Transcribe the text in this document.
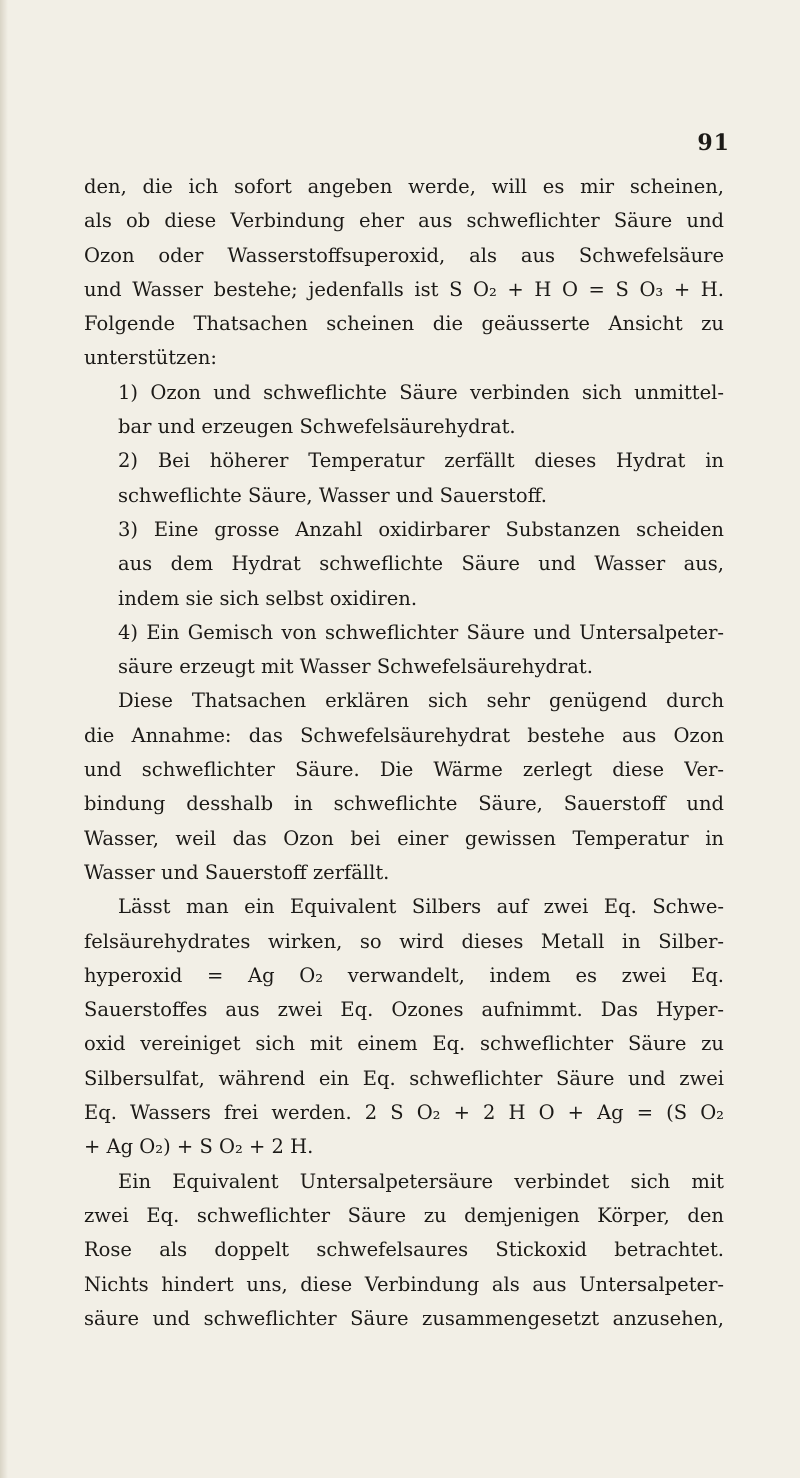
91
den, die ich sofort angeben werde, will es mir scheinen,
als ob diese Verbindung eher aus schweflichter Säure und
Ozon oder Wasserstoffsuperoxid, als aus Schwefelsäure
und Wasser bestehe; jedenfalls ist S O₂ + H O = S O₃ + H.
Folgende Thatsachen scheinen die geäusserte Ansicht zu
unterstützen:
1) Ozon und schweflichte Säure verbinden sich unmittel-
bar und erzeugen Schwefelsäurehydrat.
2) Bei höherer Temperatur zerfällt dieses Hydrat in
schweflichte Säure, Wasser und Sauerstoff.
3) Eine grosse Anzahl oxidirbarer Substanzen scheiden
aus dem Hydrat schweflichte Säure und Wasser aus,
indem sie sich selbst oxidiren.
4) Ein Gemisch von schweflichter Säure und Untersalpeter-
säure erzeugt mit Wasser Schwefelsäurehydrat.
Diese Thatsachen erklären sich sehr genügend durch
die Annahme: das Schwefelsäurehydrat bestehe aus Ozon
und schweflichter Säure. Die Wärme zerlegt diese Ver-
bindung desshalb in schweflichte Säure, Sauerstoff und
Wasser, weil das Ozon bei einer gewissen Temperatur in
Wasser und Sauerstoff zerfällt.
Lässt man ein Equivalent Silbers auf zwei Eq. Schwe-
felsäurehydrates wirken, so wird dieses Metall in Silber-
hyperoxid = Ag O₂ verwandelt, indem es zwei Eq.
Sauerstoffes aus zwei Eq. Ozones aufnimmt. Das Hyper-
oxid vereiniget sich mit einem Eq. schweflichter Säure zu
Silbersulfat, während ein Eq. schweflichter Säure und zwei
Eq. Wassers frei werden. 2 S O₂ + 2 H O + Ag = (S O₂
+ Ag O₂) + S O₂ + 2 H.
Ein Equivalent Untersalpetersäure verbindet sich mit
zwei Eq. schweflichter Säure zu demjenigen Körper, den
Rose als doppelt schwefelsaures Stickoxid betrachtet.
Nichts hindert uns, diese Verbindung als aus Untersalpeter-
säure und schweflichter Säure zusammengesetzt anzusehen,
